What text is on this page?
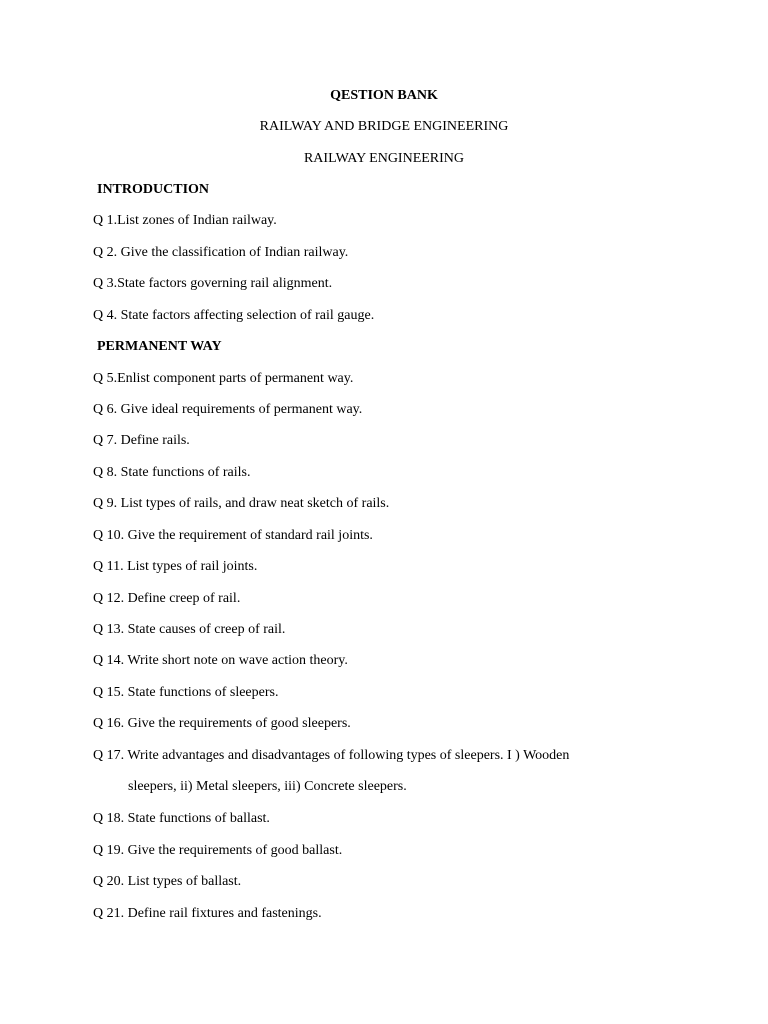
QESTION BANK
RAILWAY AND BRIDGE ENGINEERING
RAILWAY ENGINEERING
INTRODUCTION
Q 1.List zones of Indian railway.
Q 2. Give the classification of Indian railway.
Q 3.State factors governing rail alignment.
Q 4. State factors affecting selection of rail gauge.
PERMANENT WAY
Q 5.Enlist component parts of permanent way.
Q 6. Give ideal requirements of permanent way.
Q 7. Define rails.
Q 8. State functions of rails.
Q 9. List types of rails, and draw neat sketch of rails.
Q 10. Give the requirement of standard rail joints.
Q 11. List types of rail joints.
Q 12. Define creep of rail.
Q 13. State causes of creep of rail.
Q 14. Write short note on wave action theory.
Q 15. State functions of sleepers.
Q 16. Give the requirements of good sleepers.
Q 17. Write advantages and disadvantages of following types of sleepers. I ) Wooden
sleepers, ii) Metal sleepers, iii) Concrete sleepers.
Q 18. State functions of ballast.
Q 19. Give the requirements of good ballast.
Q 20. List types of ballast.
Q 21. Define rail fixtures and fastenings.
